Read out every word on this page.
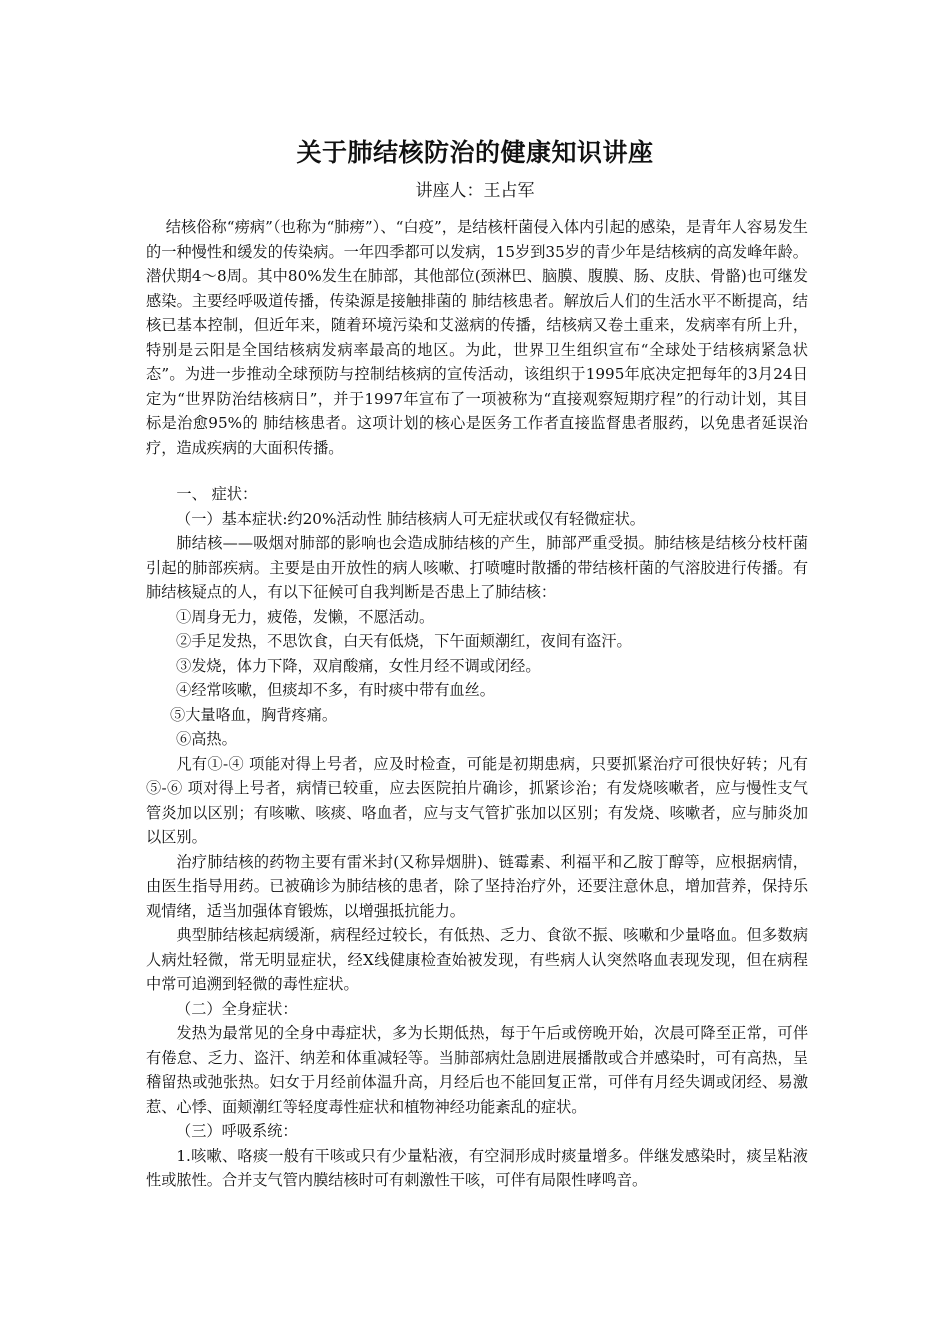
关于肺结核防治的健康知识讲座
讲座人：王占军

结核俗称“痨病”（也称为“肺痨”）、“白疫”，是结核杆菌侵入体内引起的感染，是青年人容易发生的一种慢性和缓发的传染病。一年四季都可以发病，15岁到35岁的青少年是结核病的高发峰年龄。潜伏期4～8周。其中80%发生在肺部，其他部位(颈淋巴、脑膜、腹膜、肠、皮肤、骨骼)也可继发感染。主要经呼吸道传播，传染源是接触排菌的 肺结核患者。解放后人们的生活水平不断提高，结核已基本控制，但近年来，随着环境污染和艾滋病的传播，结核病又卷土重来，发病率有所上升，特别是云阳是全国结核病发病率最高的地区。为此，世界卫生组织宣布“全球处于结核病紧急状态”。为进一步推动全球预防与控制结核病的宣传活动，该组织于1995年底决定把每年的3月24日定为“世界防治结核病日”，并于1997年宣布了一项被称为“直接观察短期疗程”的行动计划，其目标是治愈95%的 肺结核患者。这项计划的核心是医务工作者直接监督患者服药，以免患者延误治疗，造成疾病的大面积传播。

一、 症状：

（一）基本症状:约20%活动性 肺结核病人可无症状或仅有轻微症状。

肺结核——吸烟对肺部的影响也会造成肺结核的产生，肺部严重受损。肺结核是结核分枝杆菌引起的肺部疾病。主要是由开放性的病人咳嗽、打喷嚏时散播的带结核杆菌的气溶胶进行传播。有肺结核疑点的人，有以下征候可自我判断是否患上了肺结核：

①周身无力，疲倦，发懒，不愿活动。

②手足发热，不思饮食，白天有低烧，下午面颊潮红，夜间有盗汗。

③发烧，体力下降，双肩酸痛，女性月经不调或闭经。

④经常咳嗽，但痰却不多，有时痰中带有血丝。

⑤大量咯血，胸背疼痛。

⑥高热。

凡有①-④ 项能对得上号者，应及时检查，可能是初期患病，只要抓紧治疗可很快好转；凡有⑤-⑥ 项对得上号者，病情已较重，应去医院拍片确诊，抓紧诊治；有发烧咳嗽者，应与慢性支气管炎加以区别；有咳嗽、咳痰、咯血者，应与支气管扩张加以区别；有发烧、咳嗽者，应与肺炎加以区别。

治疗肺结核的药物主要有雷米封(又称异烟肼)、链霉素、利福平和乙胺丁醇等，应根据病情，由医生指导用药。已被确诊为肺结核的患者，除了坚持治疗外，还要注意休息，增加营养，保持乐观情绪，适当加强体育锻炼，以增强抵抗能力。

典型肺结核起病缓渐，病程经过较长，有低热、乏力、食欲不振、咳嗽和少量咯血。但多数病人病灶轻微，常无明显症状，经X线健康检查始被发现，有些病人认突然咯血表现发现，但在病程中常可追溯到轻微的毒性症状。

（二）全身症状：

发热为最常见的全身中毒症状，多为长期低热，每于午后或傍晚开始，次晨可降至正常，可伴有倦怠、乏力、盗汗、纳差和体重减轻等。当肺部病灶急剧进展播散或合并感染时，可有高热，呈稽留热或弛张热。妇女于月经前体温升高，月经后也不能回复正常，可伴有月经失调或闭经、易激惹、心悸、面颊潮红等轻度毒性症状和植物神经功能紊乱的症状。

（三）呼吸系统：

1.咳嗽、咯痰一般有干咳或只有少量粘液，有空洞形成时痰量增多。伴继发感染时，痰呈粘液性或脓性。合并支气管内膜结核时可有刺激性干咳，可伴有局限性哮鸣音。
